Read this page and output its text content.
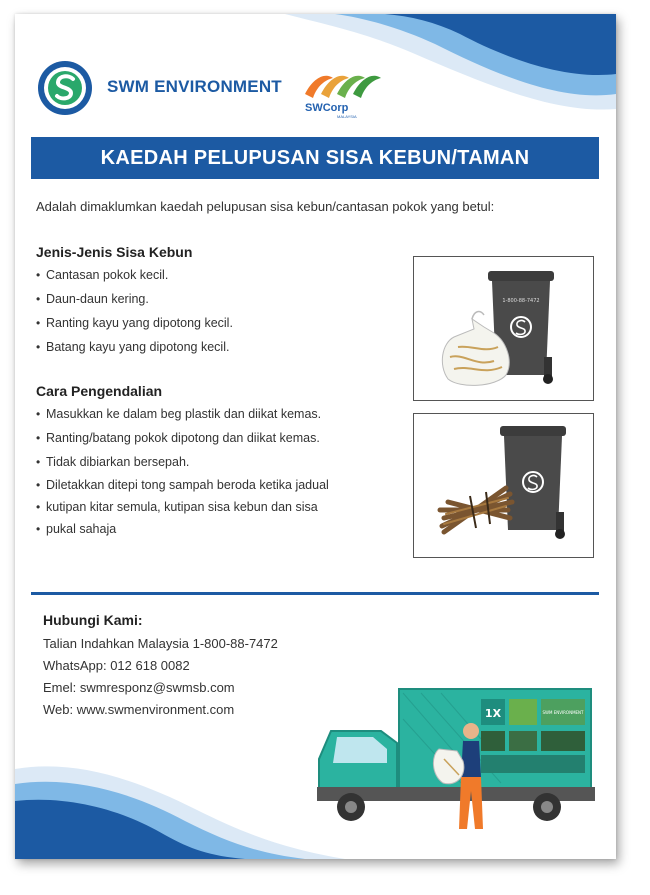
SWM ENVIRONMENT
SWCorp
MALAYSIA
KAEDAH PELUPUSAN SISA KEBUN/TAMAN
Adalah dimaklumkan kaedah pelupusan sisa kebun/cantasan pokok yang betul:
Jenis-Jenis Sisa Kebun
• Cantasan pokok kecil.
• Daun-daun kering.
• Ranting kayu yang dipotong kecil.
• Batang kayu yang dipotong kecil.
Cara Pengendalian
• Masukkan ke dalam beg plastik dan diikat kemas.
• Ranting/batang pokok dipotong dan diikat kemas.
• Tidak dibiarkan bersepah.
• Diletakkan ditepi tong sampah beroda ketika jadual
• kutipan kitar semula, kutipan sisa kebun dan sisa
• pukal sahaja
1-800-88-7472
Hubungi Kami:
Talian Indahkan Malaysia 1-800-88-7472
WhatsApp: 012 618 0082
Emel: swmresponz@swmsb.com
Web: www.swmenvironment.com	1X	SWM ENVIRONMENT
